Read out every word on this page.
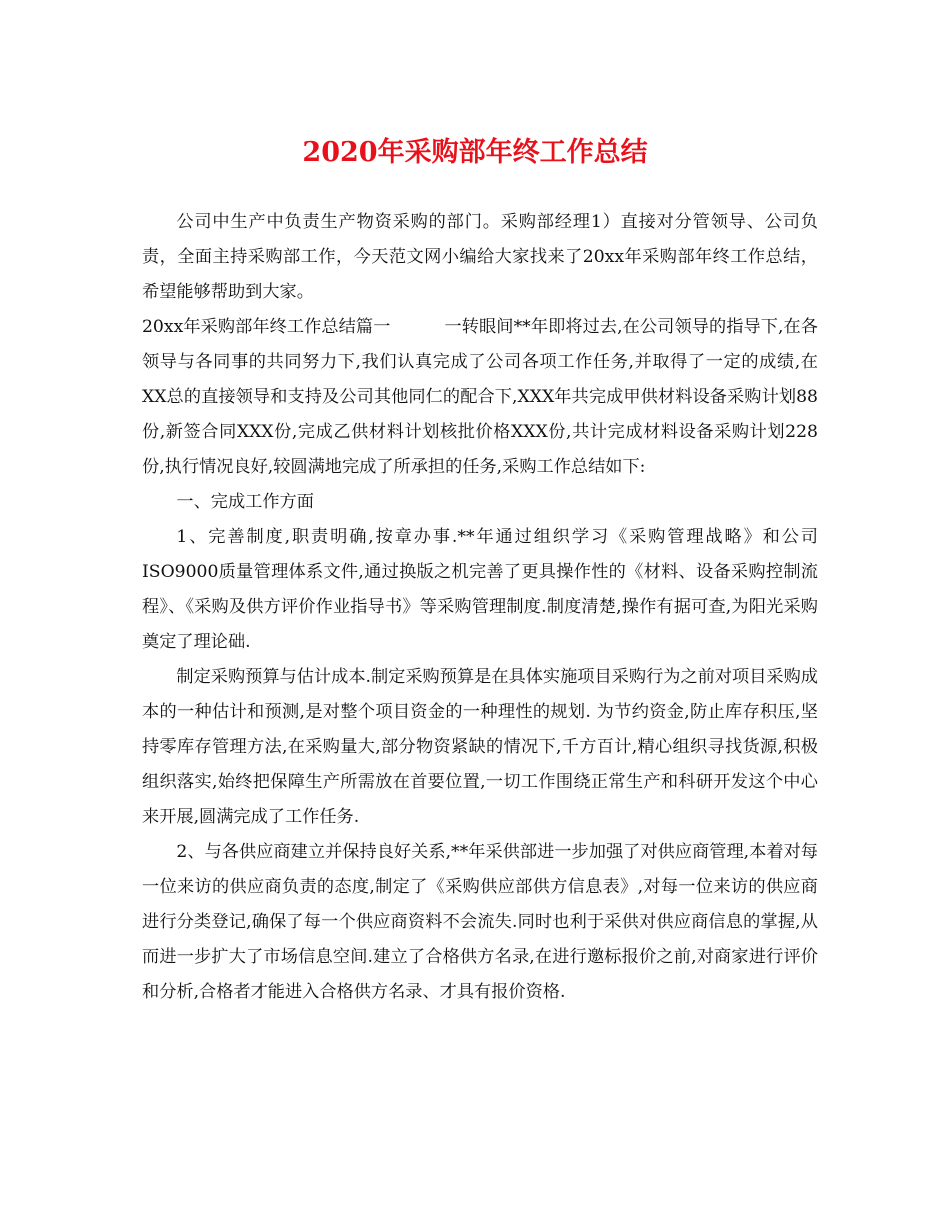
2020年采购部年终工作总结

公司中生产中负责生产物资采购的部门。采购部经理1）直接对分管领导、公司负责，全面主持采购部工作，今天范文网小编给大家找来了20xx年采购部年终工作总结，希望能够帮助到大家。

20xx年采购部年终工作总结篇一	一转眼间**年即将过去,在公司领导的指导下,在各领导与各同事的共同努力下,我们认真完成了公司各项工作任务,并取得了一定的成绩,在XX总的直接领导和支持及公司其他同仁的配合下,XXX年共完成甲供材料设备采购计划88份,新签合同XXX份,完成乙供材料计划核批价格XXX份,共计完成材料设备采购计划228份,执行情况良好,较圆满地完成了所承担的任务,采购工作总结如下:

一、完成工作方面

1、完善制度,职责明确,按章办事.**年通过组织学习《采购管理战略》和公司ISO9000质量管理体系文件,通过换版之机完善了更具操作性的《材料、设备采购控制流程》、《采购及供方评价作业指导书》等采购管理制度.制度清楚,操作有据可查,为阳光采购奠定了理论础.

制定采购预算与估计成本.制定采购预算是在具体实施项目采购行为之前对项目采购成本的一种估计和预测,是对整个项目资金的一种理性的规划. 为节约资金,防止库存积压,坚持零库存管理方法,在采购量大,部分物资紧缺的情况下,千方百计,精心组织寻找货源,积极组织落实,始终把保障生产所需放在首要位置,一切工作围绕正常生产和科研开发这个中心来开展,圆满完成了工作任务.

2、与各供应商建立并保持良好关系,**年采供部进一步加强了对供应商管理,本着对每一位来访的供应商负责的态度,制定了《采购供应部供方信息表》,对每一位来访的供应商进行分类登记,确保了每一个供应商资料不会流失.同时也利于采供对供应商信息的掌握,从而进一步扩大了市场信息空间.建立了合格供方名录,在进行邀标报价之前,对商家进行评价和分析,合格者才能进入合格供方名录、才具有报价资格.
